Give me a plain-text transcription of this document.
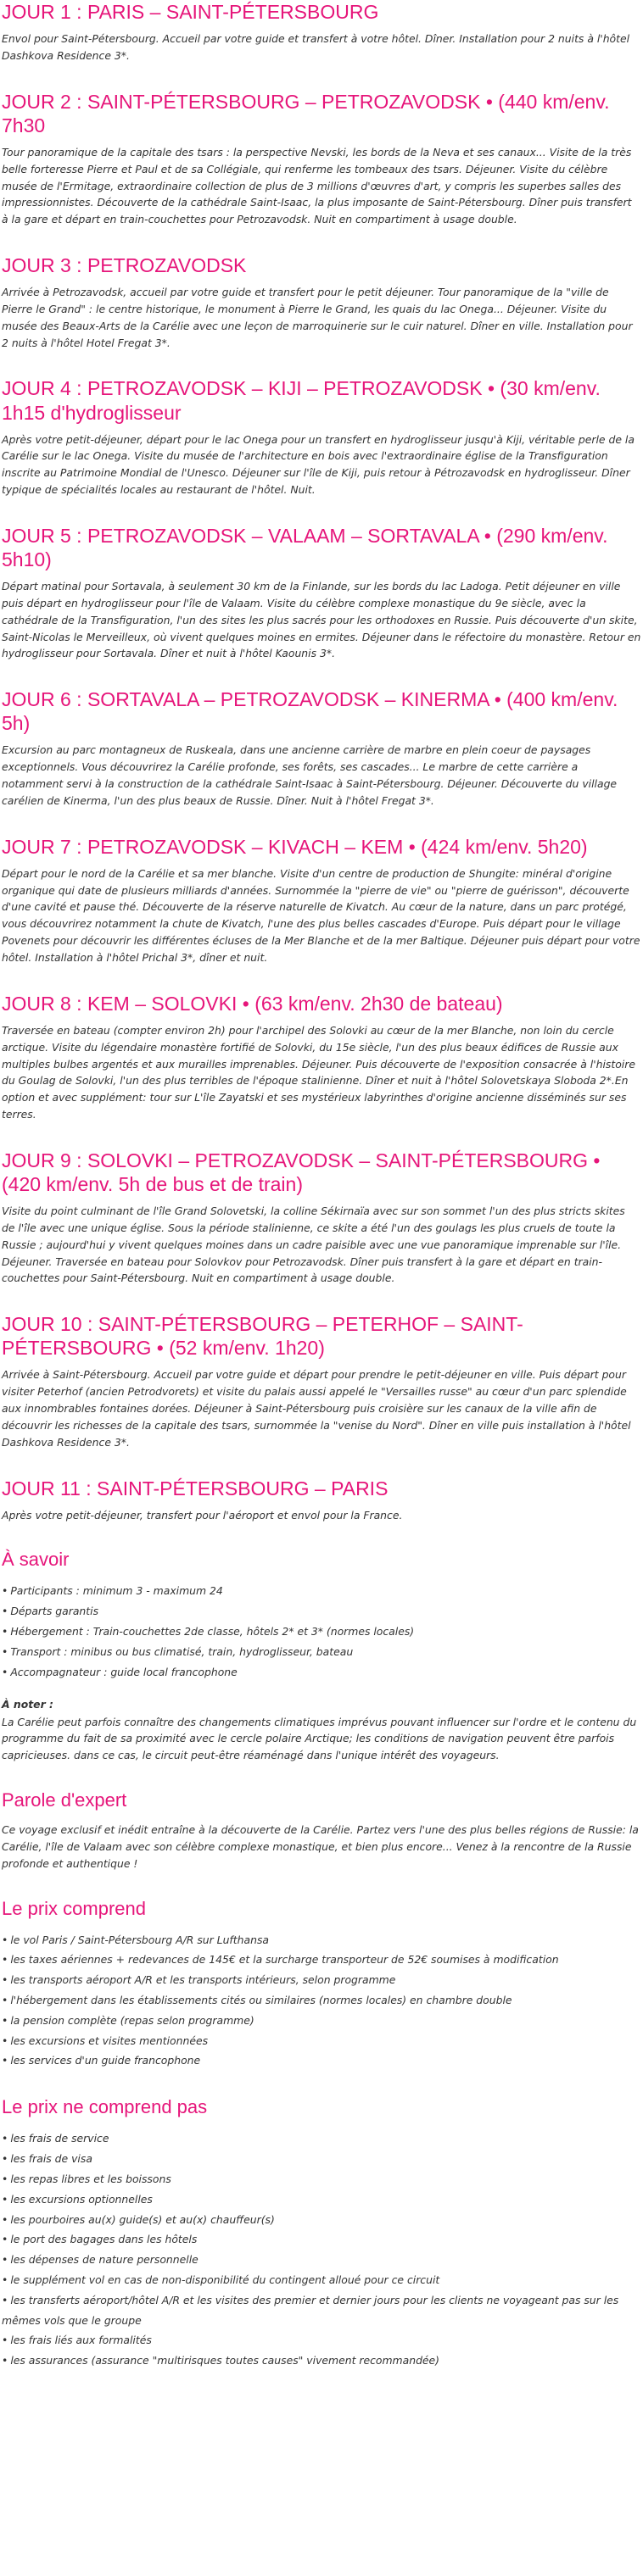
JOUR 1 : PARIS – SAINT-PÉTERSBOURG

Envol pour Saint-Pétersbourg. Accueil par votre guide et transfert à votre hôtel. Dîner. Installation pour 2 nuits à l'hôtel Dashkova Residence 3*.

JOUR 2 : SAINT-PÉTERSBOURG – PETROZAVODSK • (440 km/env. 7h30

Tour panoramique de la capitale des tsars : la perspective Nevski, les bords de la Neva et ses canaux... Visite de la très belle forteresse Pierre et Paul et de sa Collégiale, qui renferme les tombeaux des tsars. Déjeuner. Visite du célèbre musée de l'Ermitage, extraordinaire collection de plus de 3 millions d'œuvres d'art, y compris les superbes salles des impressionnistes. Découverte de la cathédrale Saint-Isaac, la plus imposante de Saint-Pétersbourg. Dîner puis transfert à la gare et départ en train-couchettes pour Petrozavodsk. Nuit en compartiment à usage double.

JOUR 3 : PETROZAVODSK

Arrivée à Petrozavodsk, accueil par votre guide et transfert pour le petit déjeuner. Tour panoramique de la "ville de Pierre le Grand" : le centre historique, le monument à Pierre le Grand, les quais du lac Onega... Déjeuner. Visite du musée des Beaux-Arts de la Carélie avec une leçon de marroquinerie sur le cuir naturel. Dîner en ville. Installation pour 2 nuits à l'hôtel Hotel Fregat 3*.

JOUR 4 : PETROZAVODSK – KIJI – PETROZAVODSK • (30 km/env. 1h15 d'hydroglisseur

Après votre petit-déjeuner, départ pour le lac Onega pour un transfert en hydroglisseur jusqu'à Kiji, véritable perle de la Carélie sur le lac Onega. Visite du musée de l'architecture en bois avec l'extraordinaire église de la Transfiguration inscrite au Patrimoine Mondial de l'Unesco. Déjeuner sur l'île de Kiji, puis retour à Pétrozavodsk en hydroglisseur. Dîner typique de spécialités locales au restaurant de l'hôtel. Nuit.

JOUR 5 : PETROZAVODSK – VALAAM – SORTAVALA • (290 km/env. 5h10)

Départ matinal pour Sortavala, à seulement 30 km de la Finlande, sur les bords du lac Ladoga. Petit déjeuner en ville puis départ en hydroglisseur pour l'île de Valaam. Visite du célèbre complexe monastique du 9e siècle, avec la cathédrale de la Transfiguration, l'un des sites les plus sacrés pour les orthodoxes en Russie. Puis découverte d'un skite, Saint-Nicolas le Merveilleux, où vivent quelques moines en ermites. Déjeuner dans le réfectoire du monastère. Retour en hydroglisseur pour Sortavala. Dîner et nuit à l'hôtel Kaounis 3*.

JOUR 6 : SORTAVALA – PETROZAVODSK – KINERMA • (400 km/env. 5h)

Excursion au parc montagneux de Ruskeala, dans une ancienne carrière de marbre en plein coeur de paysages exceptionnels. Vous découvrirez la Carélie profonde, ses forêts, ses cascades... Le marbre de cette carrière a notamment servi à la construction de la cathédrale Saint-Isaac à Saint-Pétersbourg. Déjeuner. Découverte du village carélien de Kinerma, l'un des plus beaux de Russie. Dîner. Nuit à l'hôtel Fregat 3*.

JOUR 7 : PETROZAVODSK – KIVACH – KEM • (424 km/env. 5h20)

Départ pour le nord de la Carélie et sa mer blanche. Visite d'un centre de production de Shungite: minéral d'origine organique qui date de plusieurs milliards d'années. Surnommée la "pierre de vie" ou "pierre de guérisson", découverte d'une cavité et pause thé. Découverte de la réserve naturelle de Kivatch. Au cœur de la nature, dans un parc protégé, vous découvrirez notamment la chute de Kivatch, l'une des plus belles cascades d'Europe. Puis départ pour le village Povenets pour découvrir les différentes écluses de la Mer Blanche et de la mer Baltique. Déjeuner puis départ pour votre hôtel. Installation à l'hôtel Prichal 3*, dîner et nuit.

JOUR 8 : KEM – SOLOVKI • (63 km/env. 2h30 de bateau)

Traversée en bateau (compter environ 2h) pour l'archipel des Solovki au cœur de la mer Blanche, non loin du cercle arctique. Visite du légendaire monastère fortifié de Solovki, du 15e siècle, l'un des plus beaux édifices de Russie aux multiples bulbes argentés et aux murailles imprenables. Déjeuner. Puis découverte de l'exposition consacrée à l'histoire du Goulag de Solovki, l'un des plus terribles de l'époque stalinienne. Dîner et nuit à l'hôtel Solovetskaya Sloboda 2*.En option et avec supplément: tour sur L'île Zayatski et ses mystérieux labyrinthes d'origine ancienne disséminés sur ses terres.

JOUR 9 : SOLOVKI – PETROZAVODSK – SAINT-PÉTERSBOURG • (420 km/env. 5h de bus et de train)

Visite du point culminant de l'île Grand Solovetski, la colline Sékirnaïa avec sur son sommet l'un des plus stricts skites de l'île avec une unique église. Sous la période stalinienne, ce skite a été l'un des goulags les plus cruels de toute la Russie ; aujourd'hui y vivent quelques moines dans un cadre paisible avec une vue panoramique imprenable sur l'île. Déjeuner. Traversée en bateau pour Solovkov pour Petrozavodsk. Dîner puis transfert à la gare et départ en train-couchettes pour Saint-Pétersbourg. Nuit en compartiment à usage double.

JOUR 10 : SAINT-PÉTERSBOURG – PETERHOF – SAINT-PÉTERSBOURG • (52 km/env. 1h20)

Arrivée à Saint-Pétersbourg. Accueil par votre guide et départ pour prendre le petit-déjeuner en ville. Puis départ pour visiter Peterhof (ancien Petrodvorets) et visite du palais aussi appelé le "Versailles russe" au cœur d'un parc splendide aux innombrables fontaines dorées. Déjeuner à Saint-Pétersbourg puis croisière sur les canaux de la ville afin de découvrir les richesses de la capitale des tsars, surnommée la "venise du Nord". Dîner en ville puis installation à l'hôtel Dashkova Residence 3*.

JOUR 11 : SAINT-PÉTERSBOURG – PARIS

Après votre petit-déjeuner, transfert pour l'aéroport et envol pour la France.

À savoir
• Participants : minimum 3 - maximum 24
• Départs garantis
• Hébergement : Train-couchettes 2de classe, hôtels 2* et 3* (normes locales)
• Transport : minibus ou bus climatisé, train, hydroglisseur, bateau
• Accompagnateur : guide local francophone
À noter :

La Carélie peut parfois connaître des changements climatiques imprévus pouvant influencer sur l'ordre et le contenu du programme du fait de sa proximité avec le cercle polaire Arctique; les conditions de navigation peuvent être parfois capricieuses. dans ce cas, le circuit peut-être réaménagé dans l'unique intérêt des voyageurs.

Parole d'expert

Ce voyage exclusif et inédit entraîne à la découverte de la Carélie. Partez vers l'une des plus belles régions de Russie: la Carélie, l'île de Valaam avec son célèbre complexe monastique, et bien plus encore... Venez à la rencontre de la Russie profonde et authentique !

Le prix comprend
• le vol Paris / Saint-Pétersbourg A/R sur Lufthansa
• les taxes aériennes + redevances de 145€ et la surcharge transporteur de 52€ soumises à modification
• les transports aéroport A/R et les transports intérieurs, selon programme
• l'hébergement dans les établissements cités ou similaires (normes locales) en chambre double
• la pension complète (repas selon programme)
• les excursions et visites mentionnées
• les services d'un guide francophone
Le prix ne comprend pas
• les frais de service
• les frais de visa
• les repas libres et les boissons
• les excursions optionnelles
• les pourboires au(x) guide(s) et au(x) chauffeur(s)
• le port des bagages dans les hôtels
• les dépenses de nature personnelle
• le supplément vol en cas de non-disponibilité du contingent alloué pour ce circuit
• les transferts aéroport/hôtel A/R et les visites des premier et dernier jours pour les clients ne voyageant pas sur les mêmes vols que le groupe
• les frais liés aux formalités
• les assurances (assurance "multirisques toutes causes" vivement recommandée)
